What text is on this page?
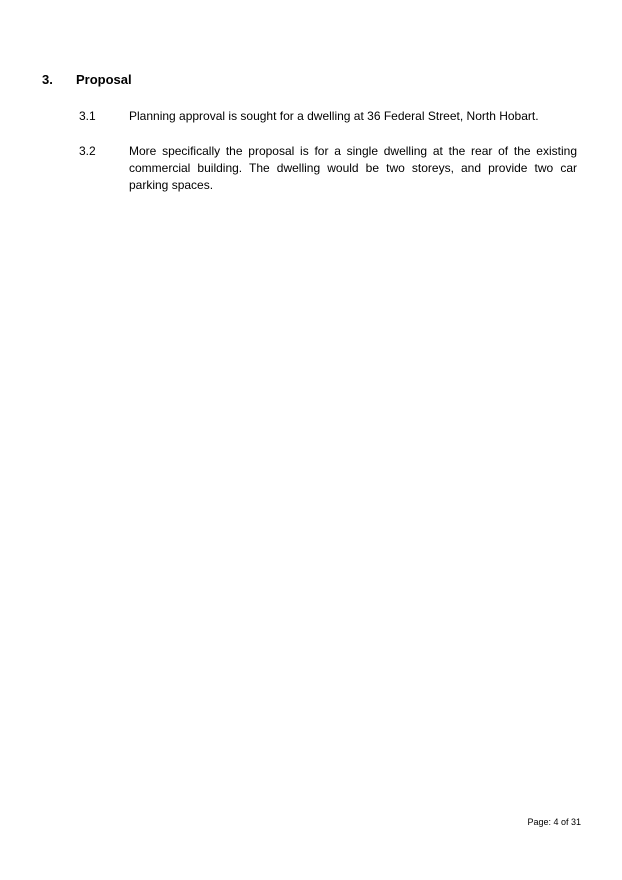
3. Proposal
3.1	Planning approval is sought for a dwelling at 36 Federal Street, North Hobart.
3.2	More specifically the proposal is for a single dwelling at the rear of the existing commercial building. The dwelling would be two storeys, and provide two car parking spaces.
Page: 4 of 31
